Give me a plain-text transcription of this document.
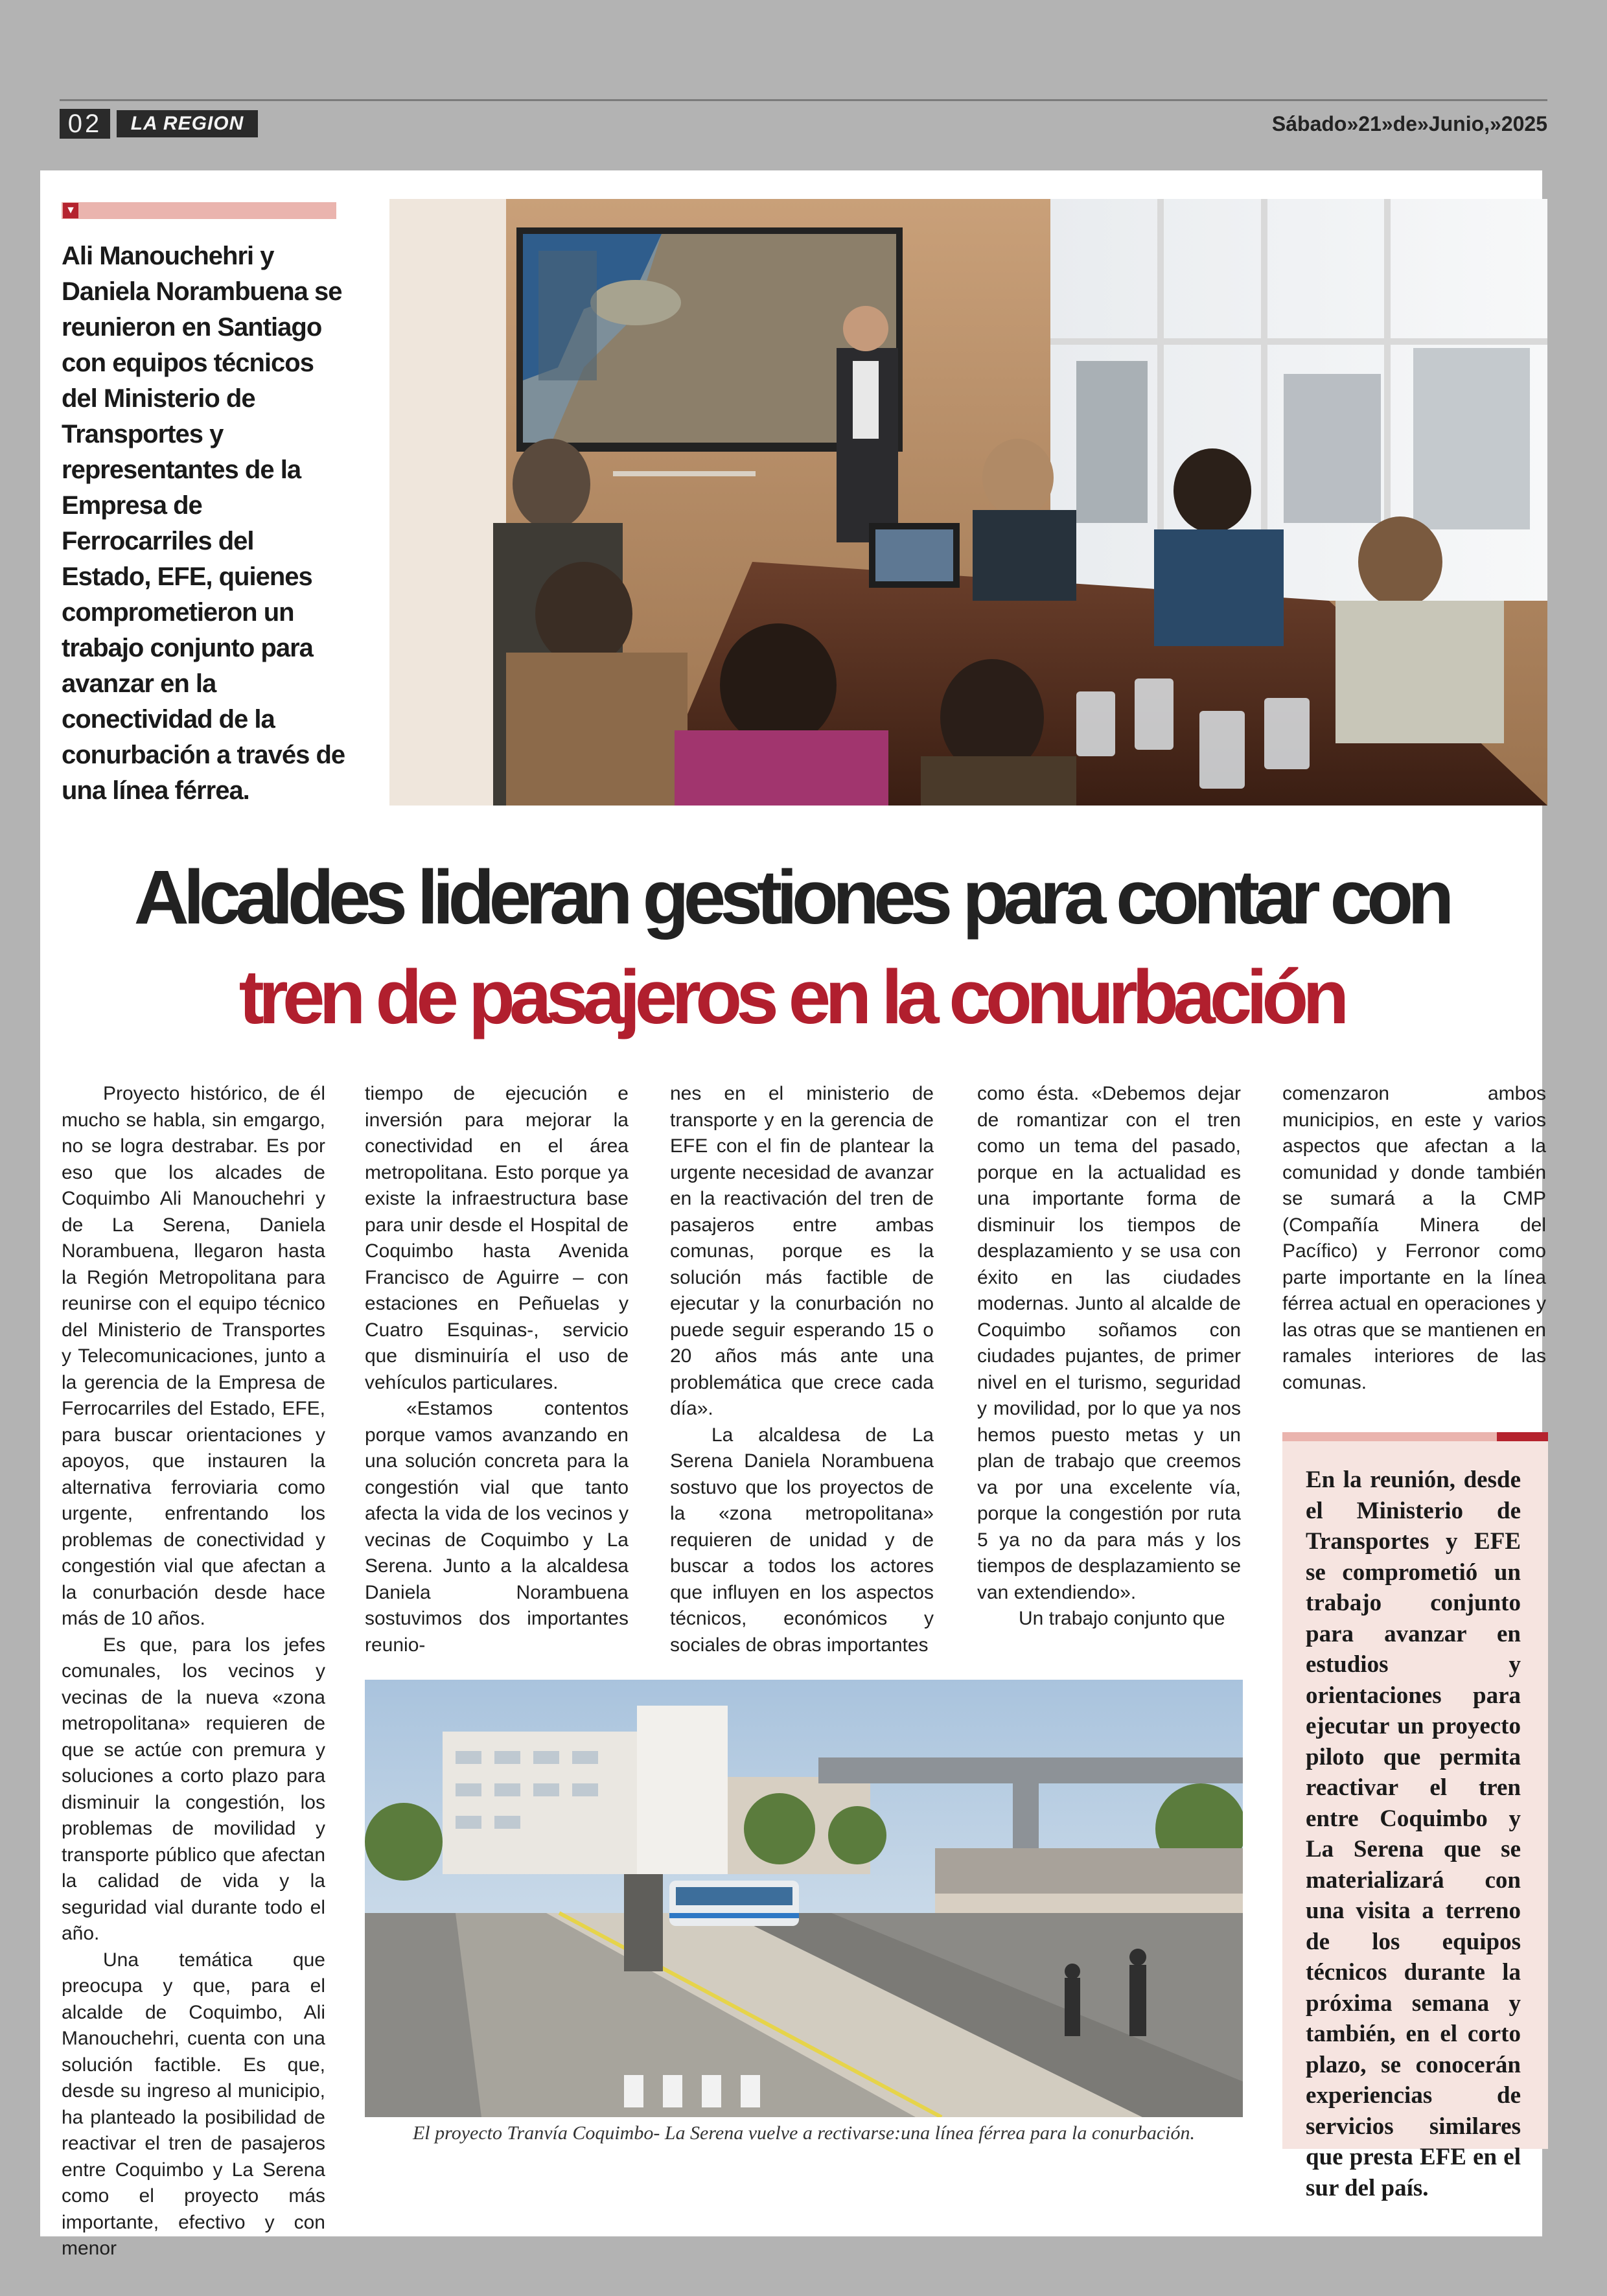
02	LA REGION	Sábado»21»de»Junio,»2025
▼
Ali Manouchehri y Daniela Norambuena se reunieron en Santiago con equipos técnicos del Ministerio de Transportes y representantes de la Empresa de Ferrocarriles del Estado, EFE, quienes comprometieron un trabajo conjunto para avanzar en la conectividad de la conurbación a través de una línea férrea.
Alcaldes lideran gestiones para contar con
tren de pasajeros en la conurbación

Proyecto histórico, de él mucho se habla, sin emgargo, no se logra destrabar. Es por eso que los alcades de Coquimbo Ali Manouchehri y de La Serena, Daniela Norambuena, llegaron hasta la Región Metropolitana para reunirse con el equipo técnico del Ministerio de Transportes y Telecomunicaciones, junto a la gerencia de la Empresa de Ferrocarriles del Estado, EFE, para buscar orientaciones y apoyos, que instauren la alternativa ferroviaria como urgente, enfrentando los problemas de conectividad y congestión vial que afectan a la conurbación desde hace más de 10 años.

Es que, para los jefes comunales, los vecinos y vecinas de la nueva «zona metropolitana» requieren de que se actúe con premura y soluciones a corto plazo para disminuir la congestión, los problemas de movilidad y transporte público que afectan la calidad de vida y la seguridad vial durante todo el año.

Una temática que preocupa y que, para el alcalde de Coquimbo, Ali Manouchehri, cuenta con una solución factible. Es que, desde su ingreso al municipio, ha planteado la posibilidad de reactivar el tren de pasajeros entre Coquimbo y La Serena como el proyecto más importante, efectivo y con menor

tiempo de ejecución e inversión para mejorar la conectividad en el área metropolitana. Esto porque ya existe la infraestructura base para unir desde el Hospital de Coquimbo hasta Avenida Francisco de Aguirre – con estaciones en Peñuelas y Cuatro Esquinas-, servicio que disminuiría el uso de vehículos particulares.

«Estamos contentos porque vamos avanzando en una solución concreta para la congestión vial que tanto afecta la vida de los vecinos y vecinas de Coquimbo y La Serena. Junto a la alcaldesa Daniela Norambuena sostuvimos dos importantes reunio-

nes en el ministerio de transporte y en la gerencia de EFE con el fin de plantear la urgente necesidad de avanzar en la reactivación del tren de pasajeros entre ambas comunas, porque es la solución más factible de ejecutar y la conurbación no puede seguir esperando 15 o 20 años más ante una problemática que crece cada día».

La alcaldesa de La Serena Daniela Norambuena sostuvo que los proyectos de la «zona metropolitana» requieren de unidad y de buscar a todos los actores que influyen en los aspectos técnicos, económicos y sociales de obras importantes

como ésta. «Debemos dejar de romantizar con el tren como un tema del pasado, porque en la actualidad es una importante forma de disminuir los tiempos de desplazamiento y se usa con éxito en las ciudades modernas. Junto al alcalde de Coquimbo soñamos con ciudades pujantes, de primer nivel en el turismo, seguridad y movilidad, por lo que ya nos hemos puesto metas y un plan de trabajo que creemos va por una excelente vía, porque la congestión por ruta 5 ya no da para más y los tiempos de desplazamiento se van extendiendo».

Un trabajo conjunto que

comenzaron ambos municipios, en este y varios aspectos que afectan a la comunidad y donde también se sumará a la CMP (Compañía Minera del Pacífico) y Ferronor como parte importante en la línea férrea actual en operaciones y las otras que se mantienen en ramales interiores de las comunas.

El proyecto Tranvía Coquimbo- La Serena vuelve a rectivarse:una línea férrea para la conurbación.

En la reunión, desde el Ministerio de Transportes y EFE se comprometió un trabajo conjunto para avanzar en estudios y orientaciones para ejecutar un proyecto piloto que permita reactivar el tren entre Coquimbo y La Serena que se materializará con una visita a terreno de los equipos técnicos durante la próxima semana y también, en el corto plazo, se conocerán experiencias de servicios similares que presta EFE en el sur del país.
